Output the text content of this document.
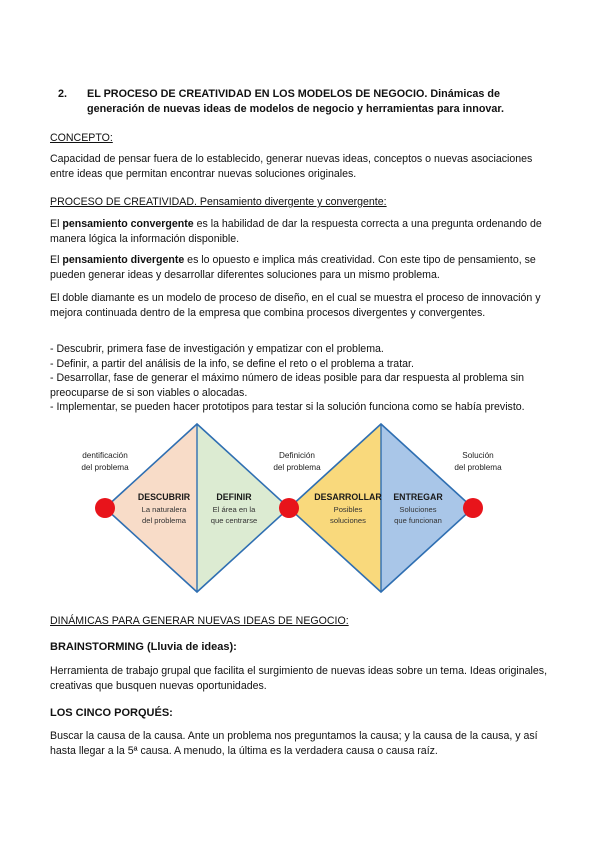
2. EL PROCESO DE CREATIVIDAD EN LOS MODELOS DE NEGOCIO. Dinámicas de generación de nuevas ideas de modelos de negocio y herramientas para innovar.
CONCEPTO:
Capacidad de pensar fuera de lo establecido, generar nuevas ideas, conceptos o nuevas asociaciones entre ideas que permitan encontrar nuevas soluciones originales.
PROCESO DE CREATIVIDAD. Pensamiento divergente y convergente:
El pensamiento convergente es la habilidad de dar la respuesta correcta a una pregunta ordenando de manera lógica la información disponible.
El pensamiento divergente es lo opuesto e implica más creatividad. Con este tipo de pensamiento, se pueden generar ideas y desarrollar diferentes soluciones para un mismo problema.
El doble diamante es un modelo de proceso de diseño, en el cual se muestra el proceso de innovación y mejora continuada dentro de la empresa que combina procesos divergentes y convergentes.
- Descubrir, primera fase de investigación y empatizar con el problema.
- Definir, a partir del análisis de la info, se define el reto o el problema a tratar.
- Desarrollar, fase de generar el máximo número de ideas posible para dar respuesta al problema sin preocuparse de si son viables o alocadas.
- Implementar, se pueden hacer prototipos para testar si la solución funciona como se había previsto.
dentificación
del problema
Definición
del problema
Solución
del problema
DESCUBRIR
La naturalera
del problema
DEFINIR
El área en la
que centrarse
DESARROLLAR
Posibles
soluciones
ENTREGAR
Soluciones
que funcionan
DINÁMICAS PARA GENERAR NUEVAS IDEAS DE NEGOCIO:
BRAINSTORMING (Lluvia de ideas):
Herramienta de trabajo grupal que facilita el surgimiento de nuevas ideas sobre un tema. Ideas originales, creativas que busquen nuevas oportunidades.
LOS CINCO PORQUÉS:
Buscar la causa de la causa. Ante un problema nos preguntamos la causa; y la causa de la causa, y así hasta llegar a la 5ª causa. A menudo, la última es la verdadera causa o causa raíz.
